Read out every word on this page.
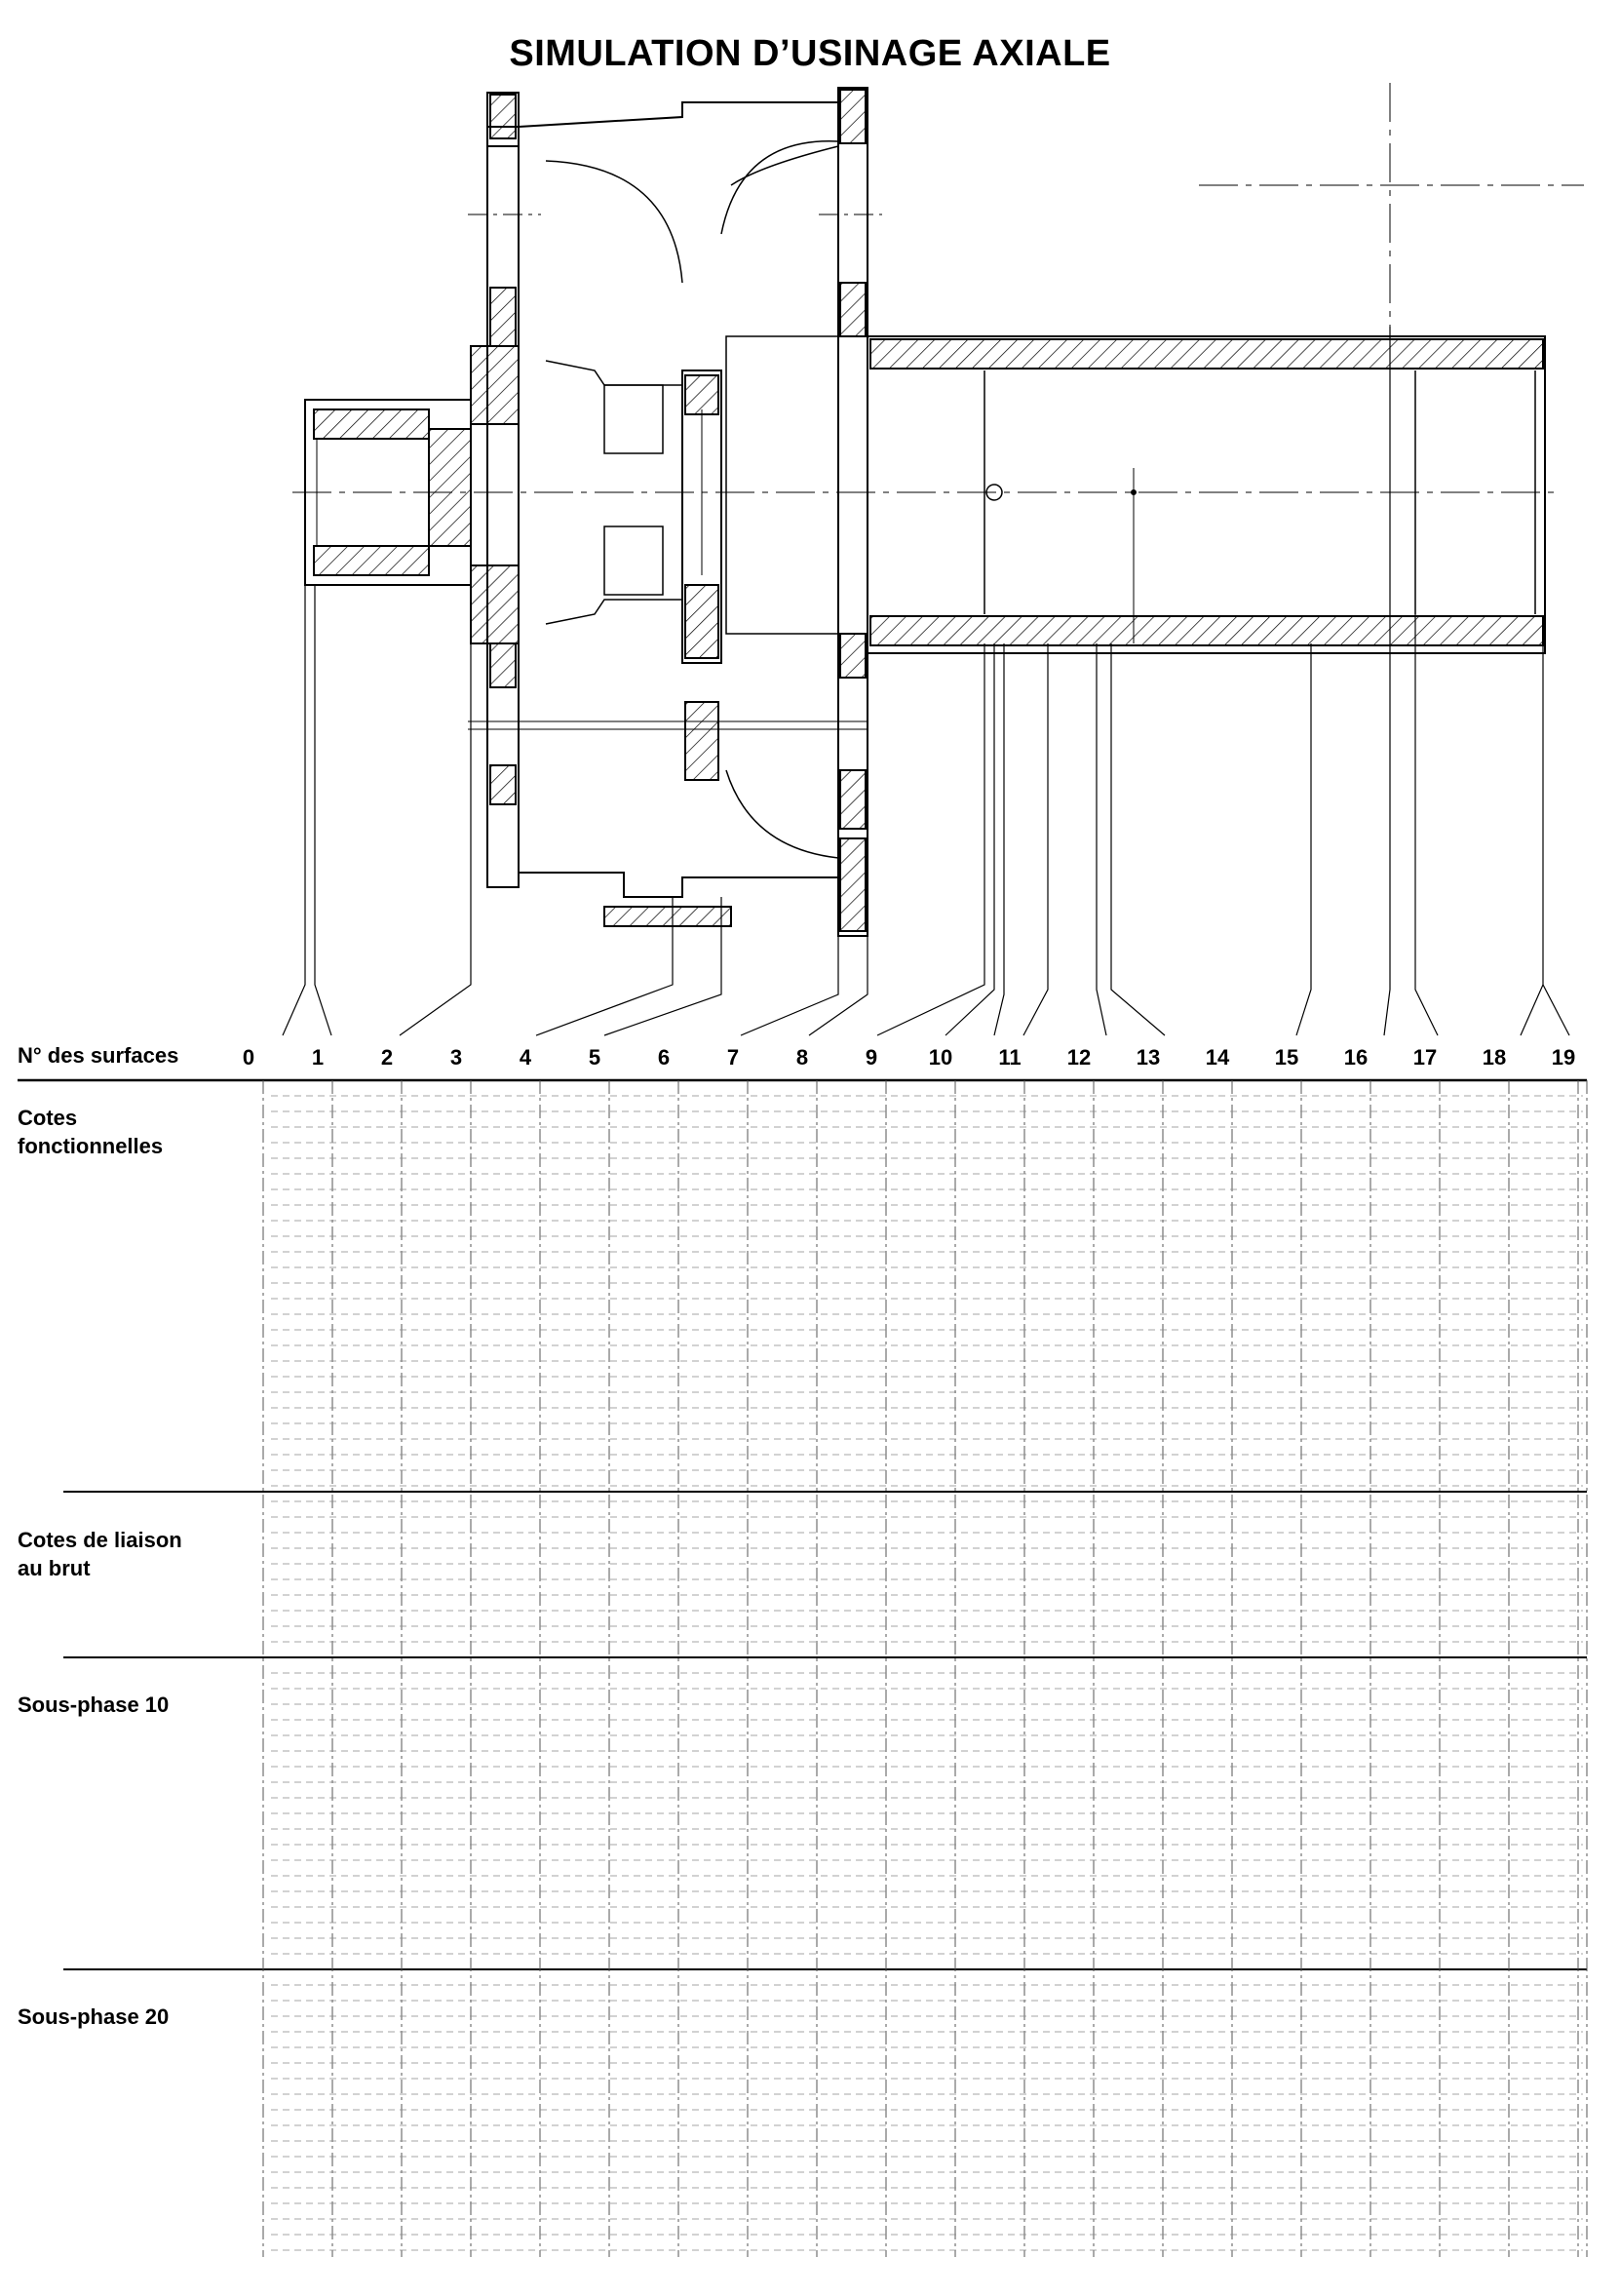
SIMULATION D’USINAGE AXIALE
N° des surfaces	0	1	2	3	4	5	6	7	8	9	10	11	12	13	14	15	16	17	18	19
Cotes
fonctionnelles
Cotes de liaison
au brut
Sous-phase 10
Sous-phase 20
